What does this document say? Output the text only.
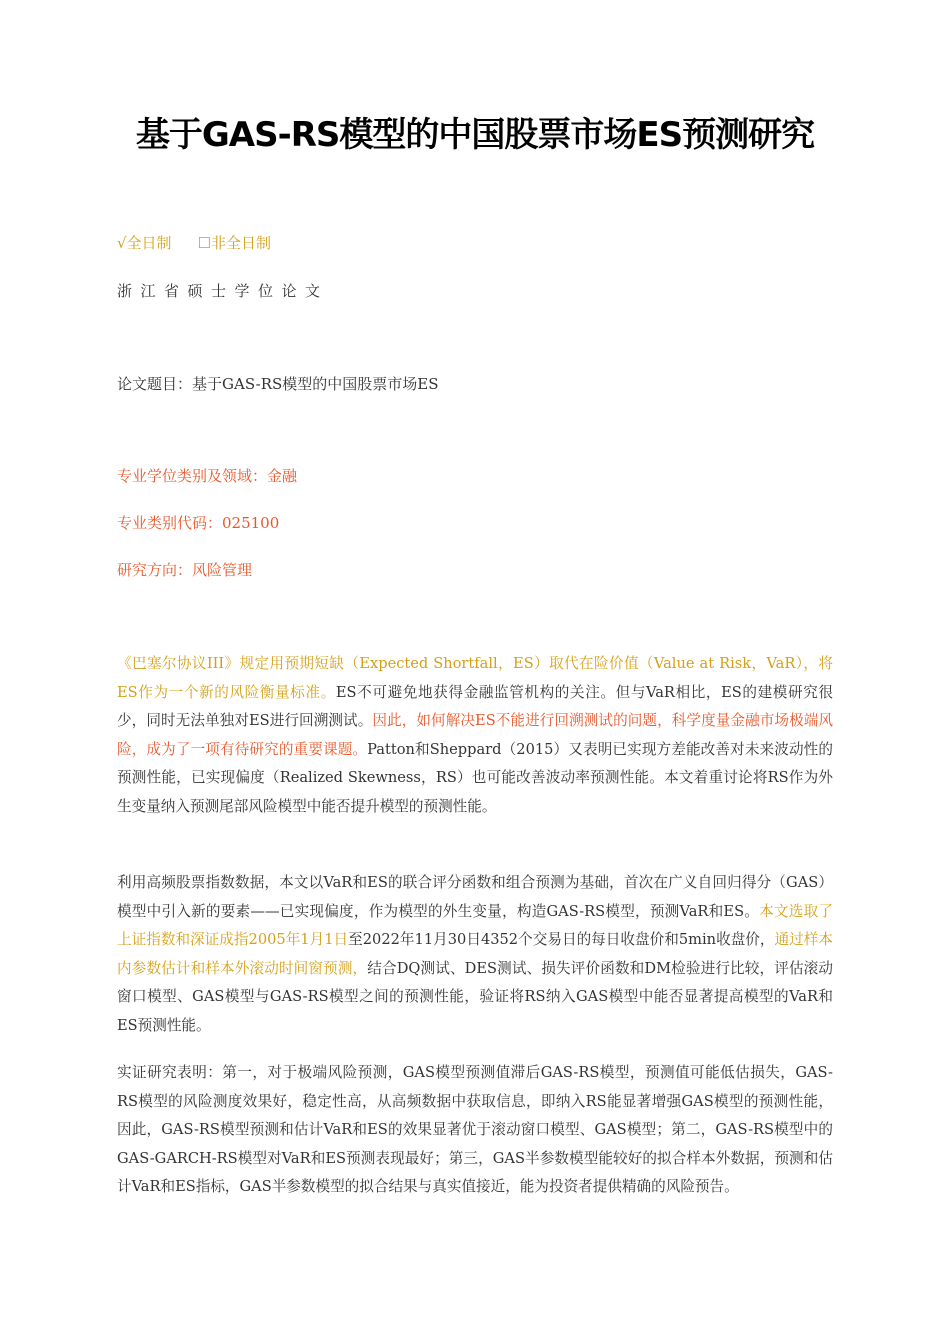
基于GAS-RS模型的中国股票市场ES预测研究
√全日制 ☐非全日制
浙江省硕士学位论文
论文题目：基于GAS-RS模型的中国股票市场ES
专业学位类别及领域：金融
专业类别代码：025100
研究方向：风险管理

《巴塞尔协议III》规定用预期短缺（Expected Shortfall，ES）取代在险价值（Value at Risk，VaR），将ES作为一个新的风险衡量标准。ES不可避免地获得金融监管机构的关注。但与VaR相比，ES的建模研究很少，同时无法单独对ES进行回溯测试。因此，如何解决ES不能进行回溯测试的问题，科学度量金融市场极端风险，成为了一项有待研究的重要课题。Patton和Sheppard（2015）又表明已实现方差能改善对未来波动性的预测性能，已实现偏度（Realized Skewness，RS）也可能改善波动率预测性能。本文着重讨论将RS作为外生变量纳入预测尾部风险模型中能否提升模型的预测性能。

利用高频股票指数数据，本文以VaR和ES的联合评分函数和组合预测为基础，首次在广义自回归得分（GAS）模型中引入新的要素——已实现偏度，作为模型的外生变量，构造GAS-RS模型，预测VaR和ES。本文选取了上证指数和深证成指2005年1月1日至2022年11月30日4352个交易日的每日收盘价和5min收盘价，通过样本内参数估计和样本外滚动时间窗预测，结合DQ测试、DES测试、损失评价函数和DM检验进行比较，评估滚动窗口模型、GAS模型与GAS-RS模型之间的预测性能，验证将RS纳入GAS模型中能否显著提高模型的VaR和ES预测性能。

实证研究表明：第一，对于极端风险预测，GAS模型预测值滞后GAS-RS模型，预测值可能低估损失，GAS-RS模型的风险测度效果好，稳定性高，从高频数据中获取信息，即纳入RS能显著增强GAS模型的预测性能，因此，GAS-RS模型预测和估计VaR和ES的效果显著优于滚动窗口模型、GAS模型；第二，GAS-RS模型中的GAS-GARCH-RS模型对VaR和ES预测表现最好；第三，GAS半参数模型能较好的拟合样本外数据，预测和估计VaR和ES指标，GAS半参数模型的拟合结果与真实值接近，能为投资者提供精确的风险预告。
